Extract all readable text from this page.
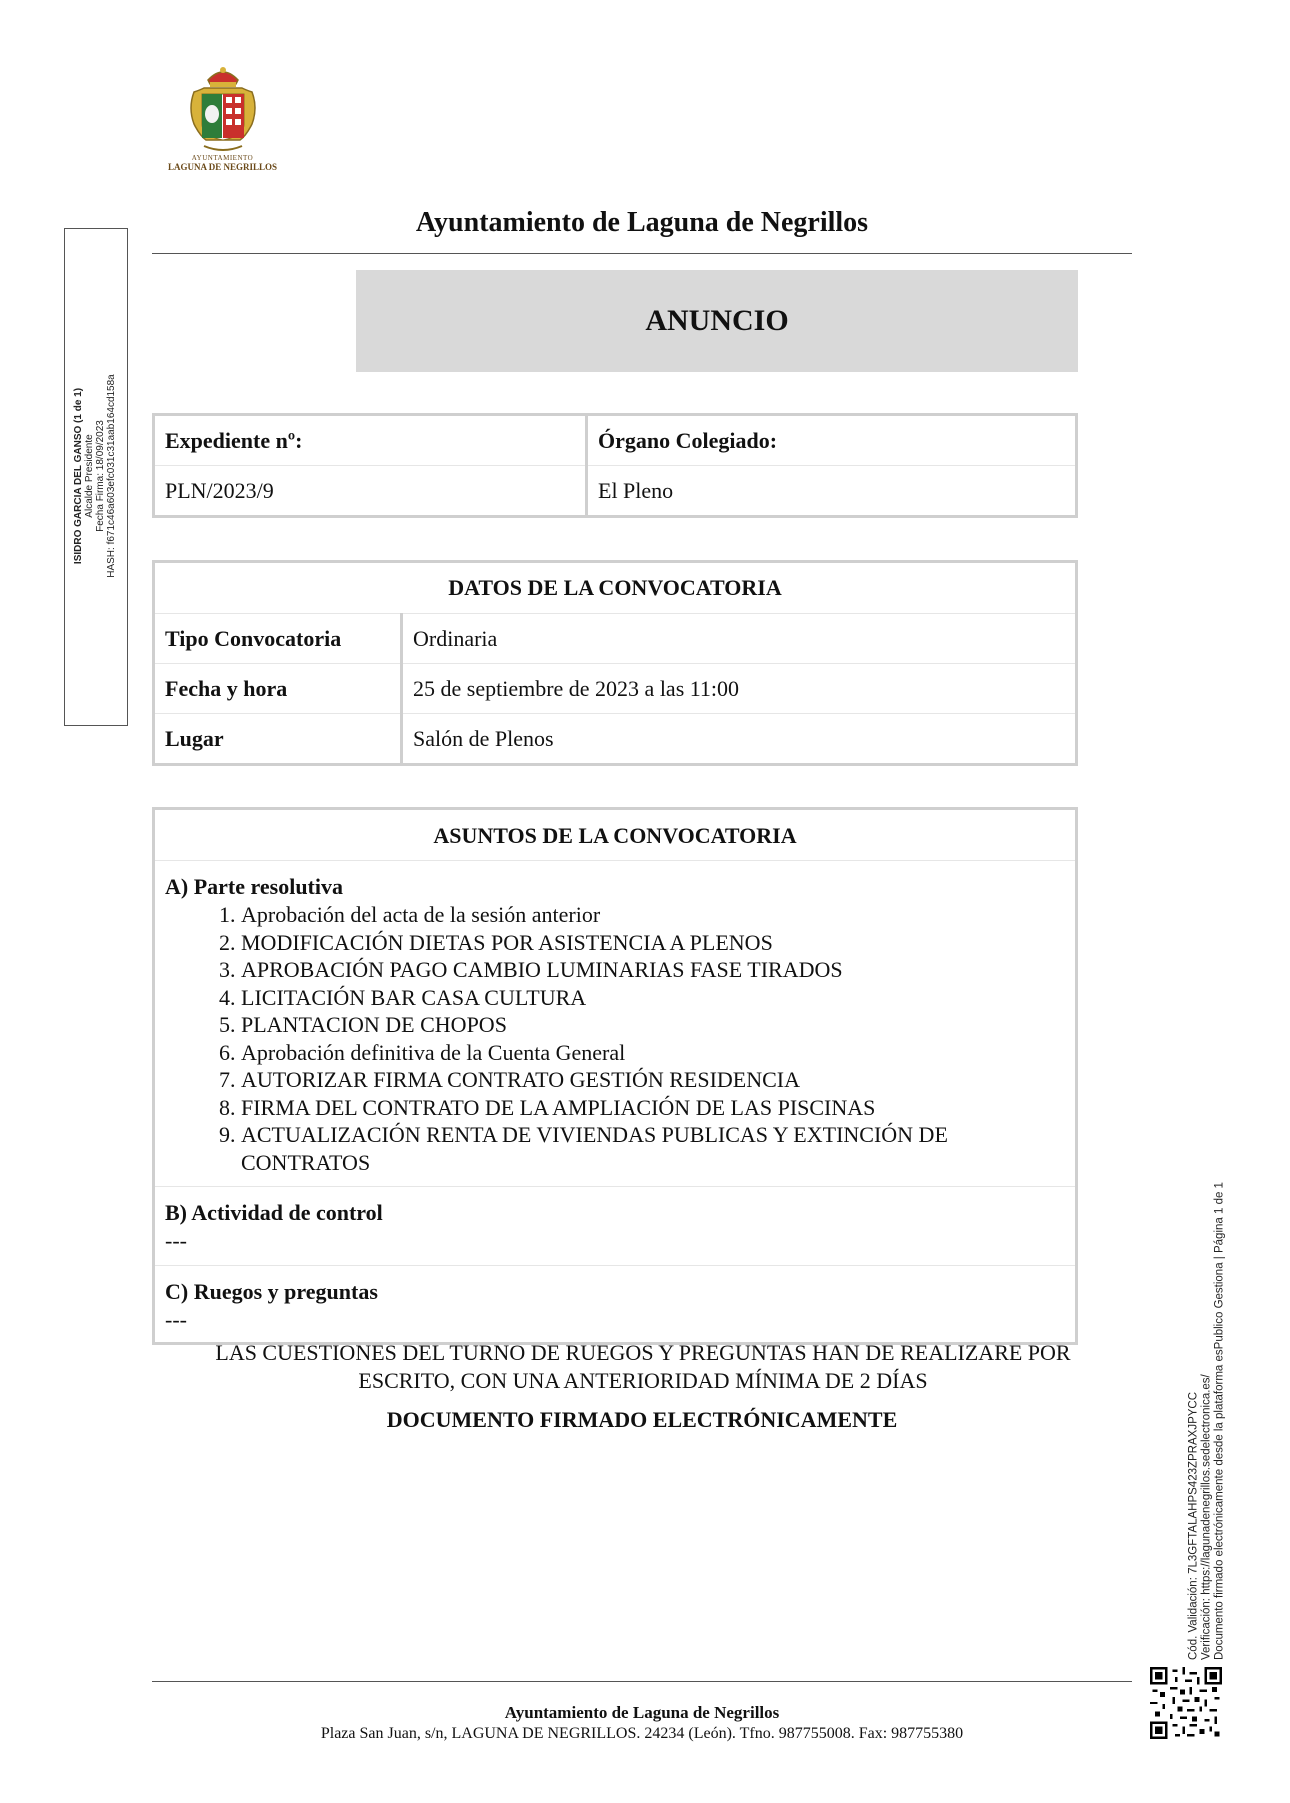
AYUNTAMIENTO
LAGUNA DE NEGRILLOS
Ayuntamiento de Laguna de Negrillos
ANUNCIO
Expediente nº:	Órgano Colegiado:
PLN/2023/9	El Pleno
DATOS DE LA CONVOCATORIA	
Tipo Convocatoria	Ordinaria
Fecha y hora	25 de septiembre de 2023 a las 11:00
Lugar	Salón de Plenos
ASUNTOS DE LA CONVOCATORIA
A) Parte resolutiva
1. Aprobación del acta de la sesión anterior
2. MODIFICACIÓN DIETAS POR ASISTENCIA A PLENOS
3. APROBACIÓN PAGO CAMBIO LUMINARIAS FASE TIRADOS
4. LICITACIÓN BAR CASA CULTURA
5. PLANTACION DE CHOPOS
6. Aprobación definitiva de la Cuenta General
7. AUTORIZAR FIRMA CONTRATO GESTIÓN RESIDENCIA
8. FIRMA DEL CONTRATO DE LA AMPLIACIÓN DE LAS PISCINAS
9. ACTUALIZACIÓN RENTA DE VIVIENDAS PUBLICAS Y EXTINCIÓN DE CONTRATOS
B) Actividad de control
---
C) Ruegos y preguntas
---
LAS CUESTIONES DEL TURNO DE RUEGOS Y PREGUNTAS HAN DE REALIZARE POR ESCRITO, CON UNA ANTERIORIDAD MÍNIMA DE 2 DÍAS
DOCUMENTO FIRMADO ELECTRÓNICAMENTE
Ayuntamiento de Laguna de Negrillos
Plaza San Juan, s/n, LAGUNA DE NEGRILLOS. 24234 (León). Tfno. 987755008. Fax: 987755380
ISIDRO GARCIA DEL GANSO (1 de 1) Alcalde Presidente Fecha Firma: 18/09/2023 HASH: f671c46a603efc031c31aab164cd158a
Cód. Validación: 7L3GFTALAHPS423ZPRAXJPYCC Verificación: https://lagunadenegrillos.sedelectronica.es/ Documento firmado electrónicamente desde la plataforma esPublico Gestiona | Página 1 de 1
